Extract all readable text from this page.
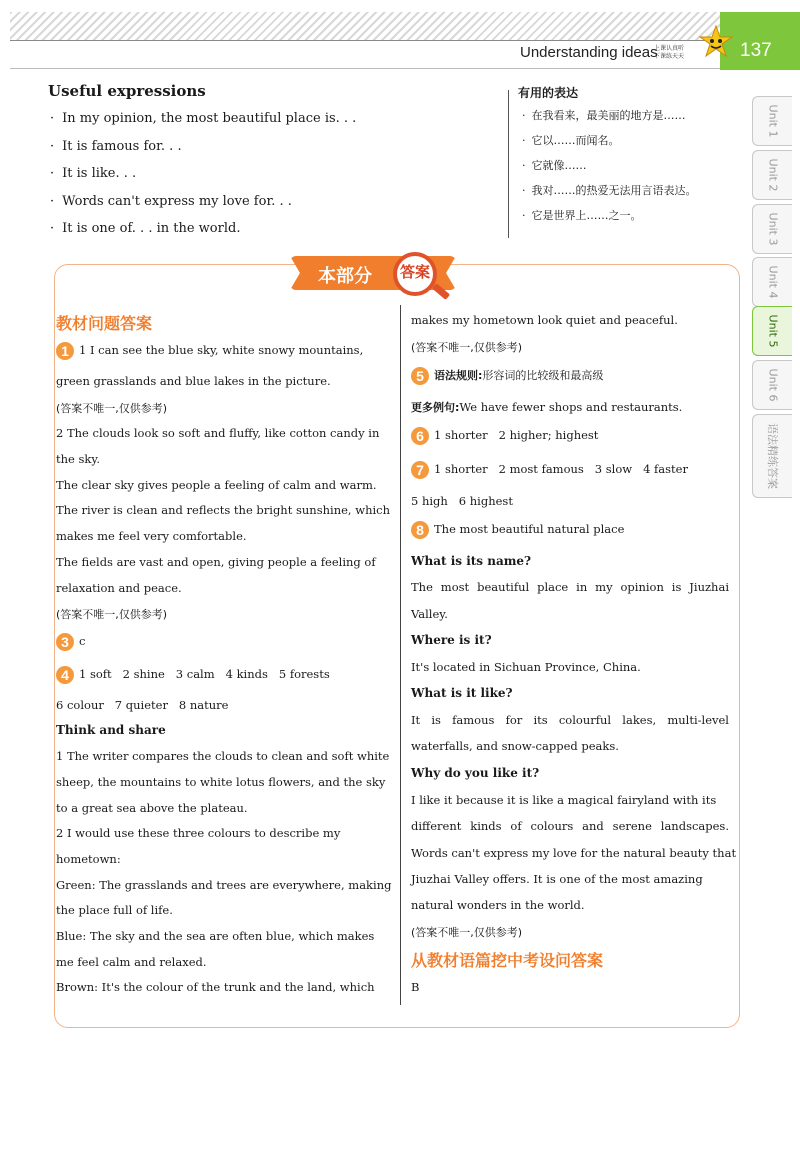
Understanding ideas
上课认真听
下课练天天	137
Unit 1
Unit 2
Unit 3
Unit 4
Unit 5
Unit 6
语法精练答案
Useful expressions
· In my opinion, the most beautiful place is. . .
· It is famous for. . .
· It is like. . .
· Words can't express my love for. . .
· It is one of. . . in the world.
有用的表达
· 在我看来，最美丽的地方是……
· 它以……而闻名。
· 它就像……
· 我对……的热爱无法用言语表达。
· 它是世界上……之一。
本部分 答案
教材问题答案
1 1 I can see the blue sky, white snowy mountains,
green grasslands and blue lakes in the picture.
(答案不唯一,仅供参考)
2 The clouds look so soft and fluffy, like cotton candy in
the sky.
The clear sky gives people a feeling of calm and warm.
The river is clean and reflects the bright sunshine, which
makes me feel very comfortable.
The fields are vast and open, giving people a feeling of
relaxation and peace.
(答案不唯一,仅供参考)
3 c
4 1 soft   2 shine   3 calm   4 kinds   5 forests
6 colour   7 quieter   8 nature
Think and share
1 The writer compares the clouds to clean and soft white
sheep, the mountains to white lotus flowers, and the sky
to a great sea above the plateau.
2 I would use these three colours to describe my
hometown:
Green: The grasslands and trees are everywhere, making
the place full of life.
Blue: The sky and the sea are often blue, which makes
me feel calm and relaxed.
Brown: It's the colour of the trunk and the land, which
makes my hometown look quiet and peaceful.
(答案不唯一,仅供参考)
5 语法规则:形容词的比较级和最高级
更多例句:We have fewer shops and restaurants.
6 1 shorter   2 higher; highest
7 1 shorter   2 most famous   3 slow   4 faster
5 high   6 highest
8 The most beautiful natural place
What is its name?
The most beautiful place in my opinion is Jiuzhai
Valley.
Where is it?
It's located in Sichuan Province, China.
What is it like?
It is famous for its colourful lakes, multi-level
waterfalls, and snow-capped peaks.
Why do you like it?
I like it because it is like a magical fairyland with its
different kinds of colours and serene landscapes.
Words can't express my love for the natural beauty that
Jiuzhai Valley offers. It is one of the most amazing
natural wonders in the world.
(答案不唯一,仅供参考)
从教材语篇挖中考设问答案
B
